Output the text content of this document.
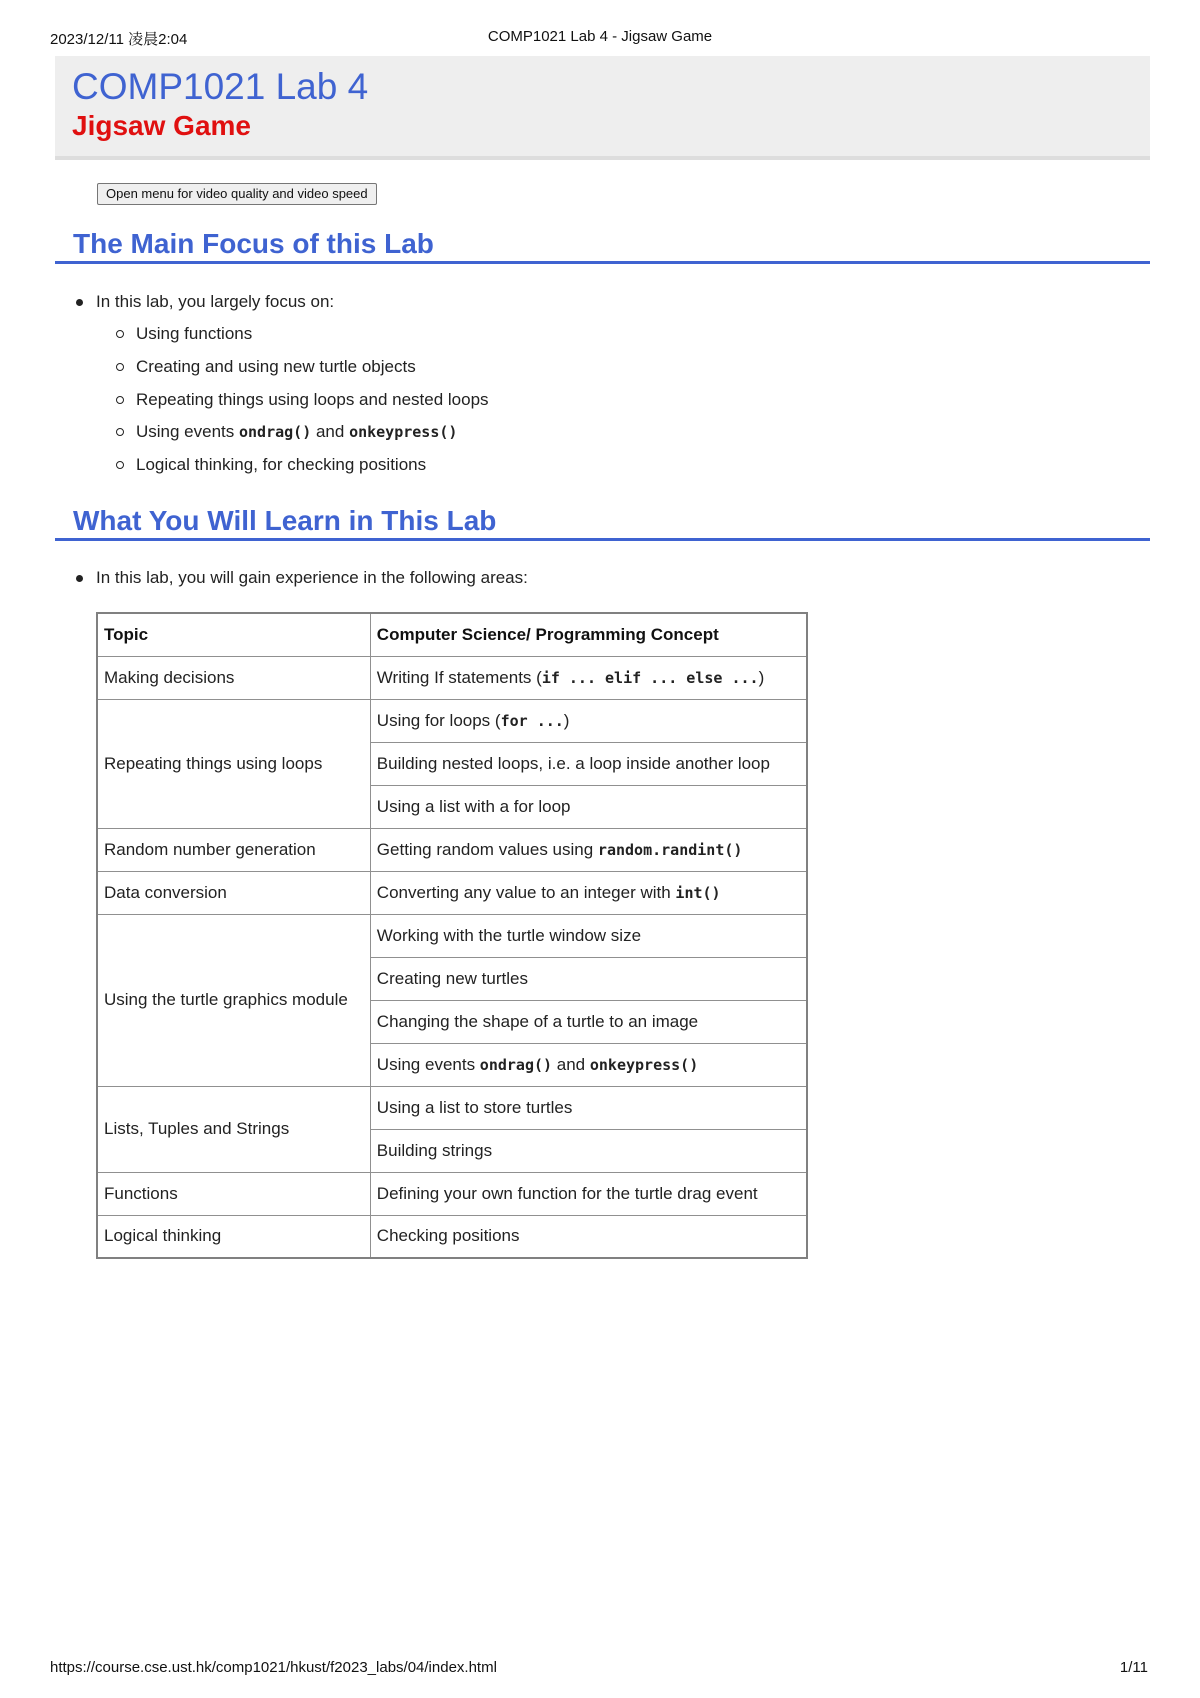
2023/12/11 凌晨2:04	COMP1021 Lab 4 - Jigsaw Game
COMP1021 Lab 4
Jigsaw Game
Open menu for video quality and video speed
The Main Focus of this Lab
In this lab, you largely focus on:
Using functions
Creating and using new turtle objects
Repeating things using loops and nested loops
Using events ondrag() and onkeypress()
Logical thinking, for checking positions
What You Will Learn in This Lab
In this lab, you will gain experience in the following areas:
Topic	Computer Science/ Programming Concept
Making decisions	Writing If statements (if ... elif ... else ...)
Repeating things using loops	Using for loops (for ...)
	Building nested loops, i.e. a loop inside another loop
	Using a list with a for loop
Random number generation	Getting random values using random.randint()
Data conversion	Converting any value to an integer with int()
Using the turtle graphics module	Working with the turtle window size
	Creating new turtles
	Changing the shape of a turtle to an image
	Using events ondrag() and onkeypress()
Lists, Tuples and Strings	Using a list to store turtles
	Building strings
Functions	Defining your own function for the turtle drag event
Logical thinking	Checking positions
https://course.cse.ust.hk/comp1021/hkust/f2023_labs/04/index.html	1/11
